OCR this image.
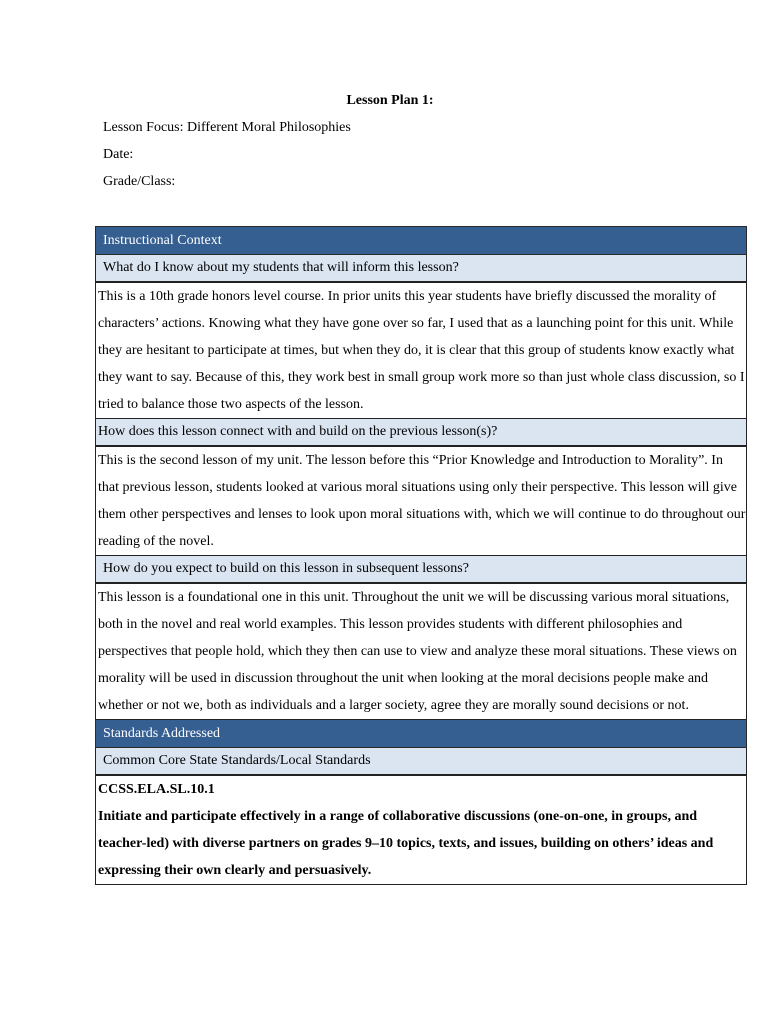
Lesson Plan 1:
Lesson Focus: Different Moral Philosophies
Date:
Grade/Class:
Instructional Context
What do I know about my students that will inform this lesson?
This is a 10th grade honors level course. In prior units this year students have briefly discussed the morality of characters’ actions. Knowing what they have gone over so far, I used that as a launching point for this unit. While they are hesitant to participate at times, but when they do, it is clear that this group of students know exactly what they want to say. Because of this, they work best in small group work more so than just whole class discussion, so I tried to balance those two aspects of the lesson.
How does this lesson connect with and build on the previous lesson(s)?
This is the second lesson of my unit. The lesson before this “Prior Knowledge and Introduction to Morality”. In that previous lesson, students looked at various moral situations using only their perspective. This lesson will give them other perspectives and lenses to look upon moral situations with, which we will continue to do throughout our reading of the novel.
How do you expect to build on this lesson in subsequent lessons?
This lesson is a foundational one in this unit. Throughout the unit we will be discussing various moral situations, both in the novel and real world examples. This lesson provides students with different philosophies and perspectives that people hold, which they then can use to view and analyze these moral situations. These views on morality will be used in discussion throughout the unit when looking at the moral decisions people make and whether or not we, both as individuals and a larger society, agree they are morally sound decisions or not.
Standards Addressed
Common Core State Standards/Local Standards

CCSS.ELA.SL.10.1
Initiate and participate effectively in a range of collaborative discussions (one-on-one, in groups, and teacher-led) with diverse partners on grades 9–10 topics, texts, and issues, building on others’ ideas and expressing their own clearly and persuasively.
